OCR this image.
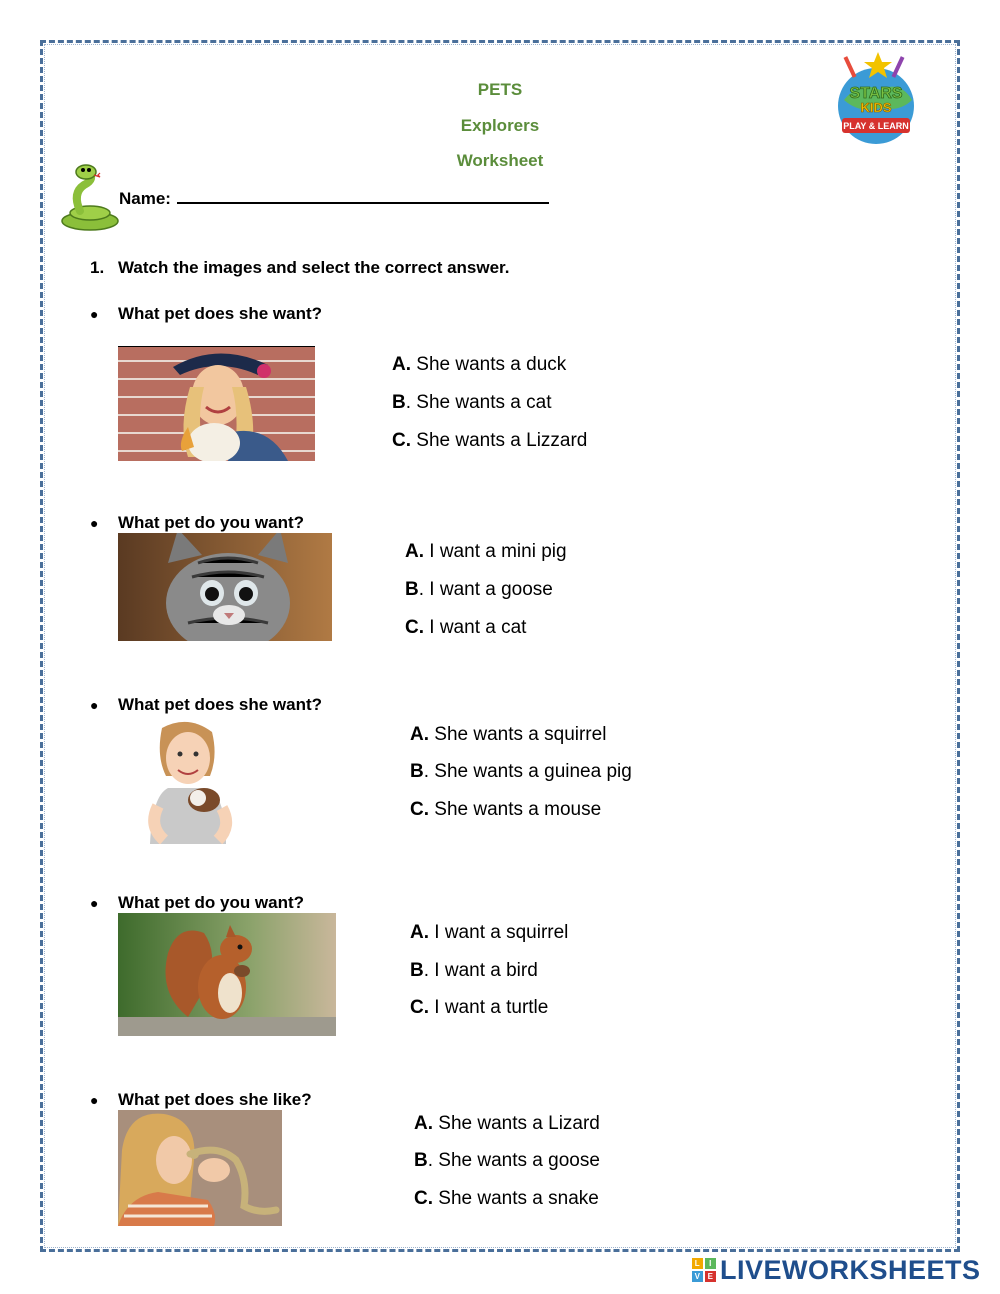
PETS
Explorers
Worksheet
STARS
KIDS
PLAY & LEARN
Name:
1. Watch the images and select the correct answer.
● What pet does she want?
A. She wants a duck
B. She wants a cat
C. She wants a Lizzard
● What pet do you want?
A. I want a mini pig
B. I want a goose
C. I want a cat
● What pet does she want?
A. She wants a squirrel
B. She wants a guinea pig
C. She wants a mouse
● What pet do you want?
A. I want a squirrel
B. I want a bird
C. I want a turtle
● What pet does she like?
A. She wants a Lizard
B. She wants a goose
C. She wants a snake
L	I
V E LIVEWORKSHEETS
